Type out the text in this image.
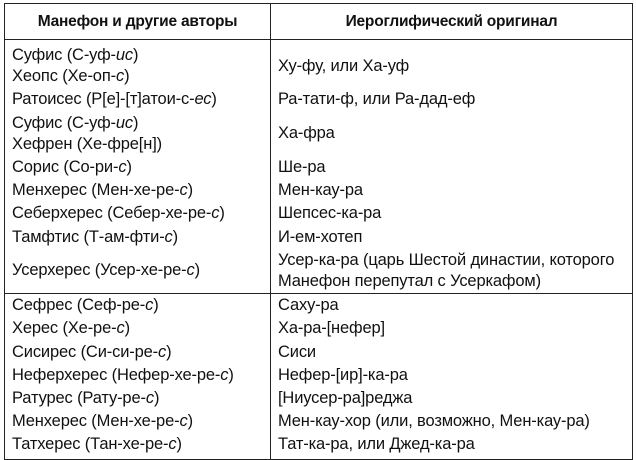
Манефон и другие авторы	Иероглифический оригинал

Суфис (С-уф-ис)
Хеопс (Хе-оп-с)	Ху-фу, или Ха-уф

Ратоисес (Р[е]-[т]атои-с-ес)	Ра-тати-ф, или Ра-дад-еф

Суфис (С-уф-ис)
Хефрен (Хе-фре[н])	Ха-фра

Сорис (Со-ри-с)	Ше-ра

Менхерес (Мен-хе-ре-с)	Мен-кау-ра

Себерхерес (Себер-хе-ре-с)	Шепсес-ка-ра

Тамфтис (Т-ам-фти-с)	И-ем-хотеп

Усерхерес (Усер-хе-ре-с)	Усер-ка-ра (царь Шестой династии, которого Манефон перепутал с Усеркафом)

Сефрес (Сеф-ре-с)	Саху-ра

Херес (Хе-ре-с)	Ха-ра-[нефер]

Сисирес (Си-си-ре-с)	Сиси

Неферхерес (Нефер-хе-ре-с)	Нефер-[ир]-ка-ра

Ратурес (Рату-ре-с)	[Ниусер-ра]реджа

Менхерес (Мен-хе-ре-с)	Мен-кау-хор (или, возможно, Мен-кау-ра)

Татхерес (Тан-хе-ре-с)	Тат-ка-ра, или Джед-ка-ра
